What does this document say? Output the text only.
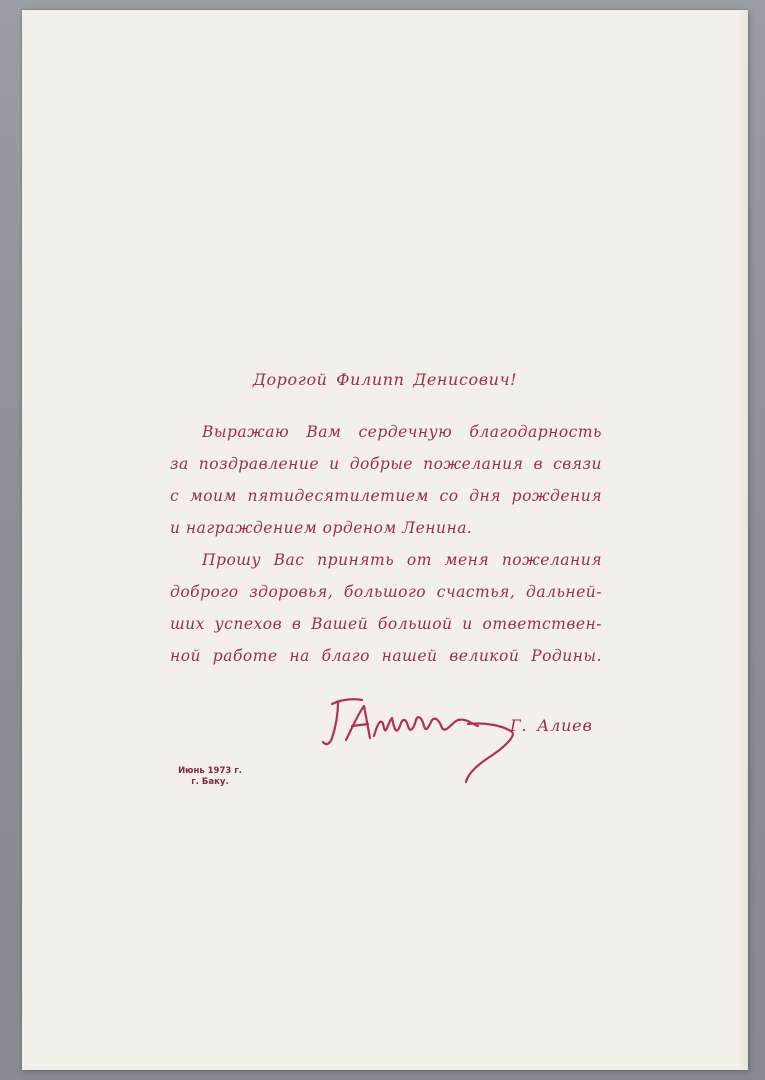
Дорогой Филипп Денисович!
Выражаю Вам сердечную благодарность
за поздравление и добрые пожелания в связи
с моим пятидесятилетием со дня рождения
и награждением орденом Ленина.
Прошу Вас принять от меня пожелания
доброго здоровья, большого счастья, дальней-
ших успехов в Вашей большой и ответствен-
ной работе на благо нашей великой Родины.
Г. Алиев
Июнь 1973 г.
г. Баку.
